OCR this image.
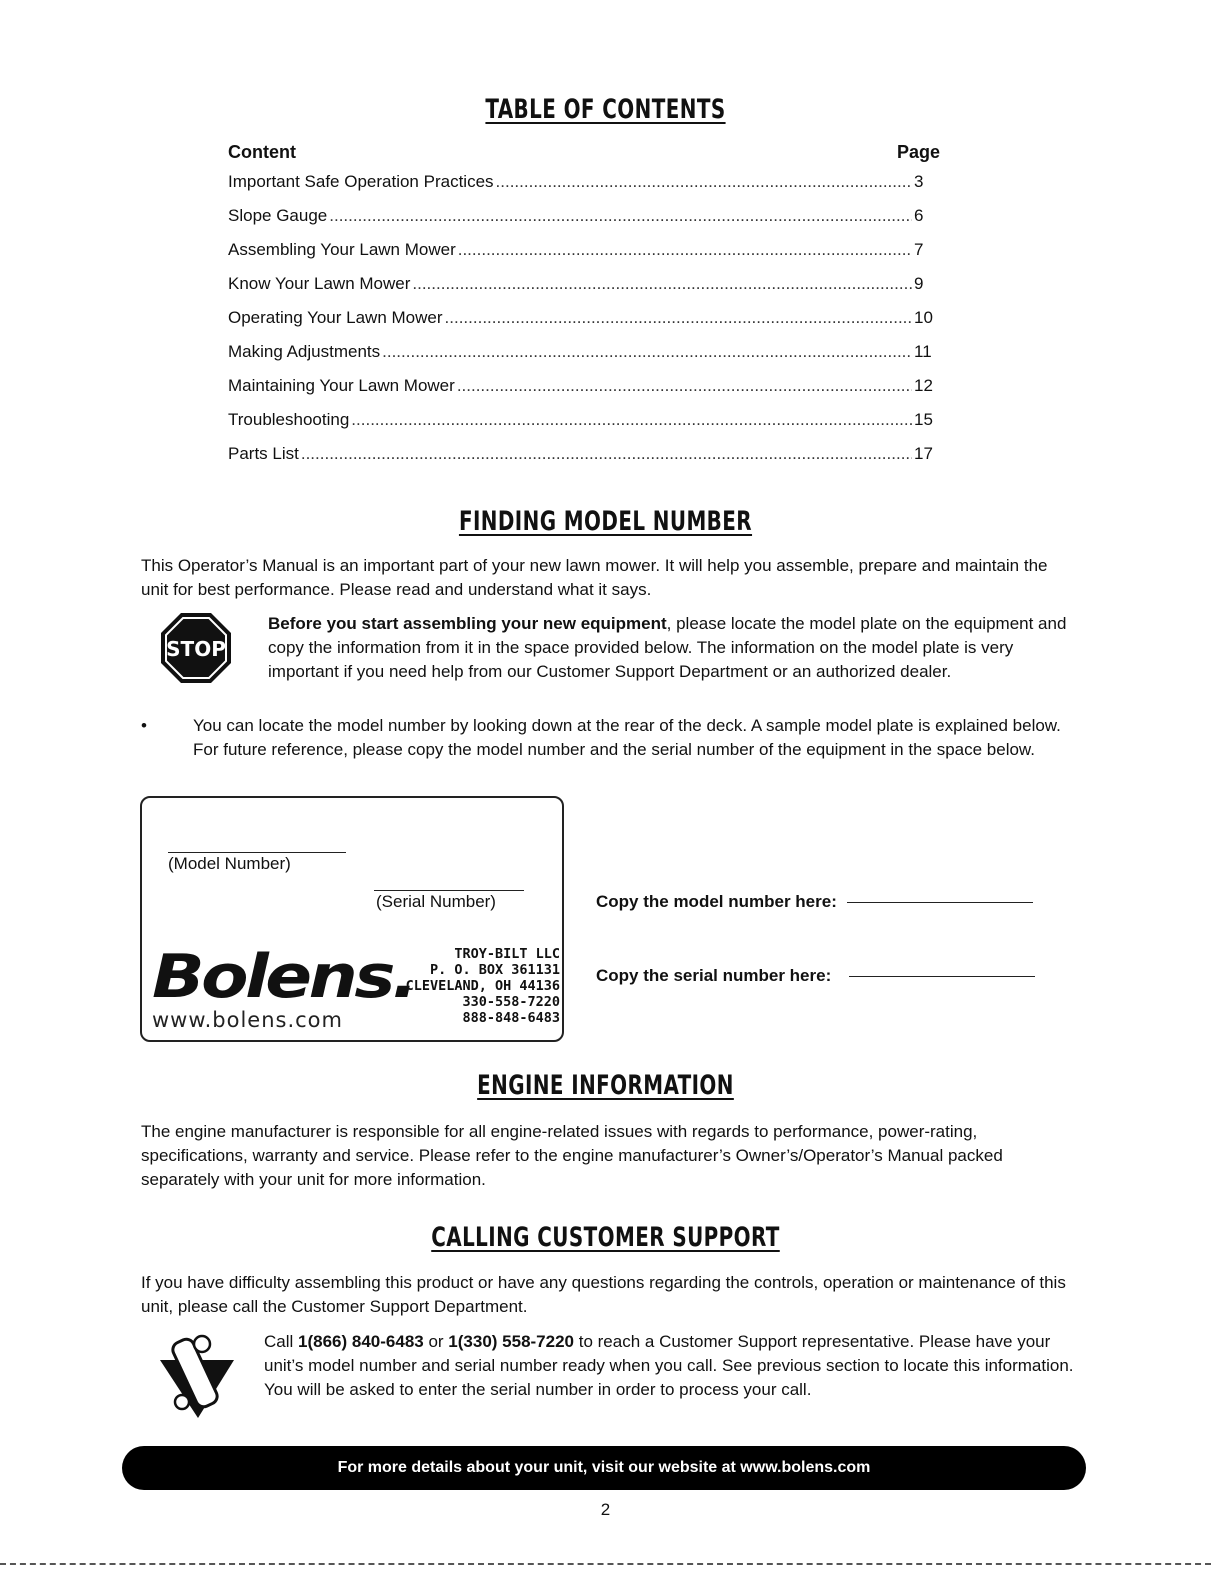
TABLE OF CONTENTS
Content	Page
Important Safe Operation Practices .....	3
Slope Gauge .....	6
Assembling Your Lawn Mower .....	7
Know Your Lawn Mower .....	9
Operating Your Lawn Mower .....	10
Making Adjustments .....	11
Maintaining Your Lawn Mower .....	12
Troubleshooting .....	15
Parts List .....	17
FINDING MODEL NUMBER
This Operator’s Manual is an important part of your new lawn mower. It will help you assemble, prepare and maintain the unit for best performance. Please read and understand what it says.
STOP
Before you start assembling your new equipment, please locate the model plate on the equipment and copy the information from it in the space provided below. The information on the model plate is very important if you need help from our Customer Support Department or an authorized dealer.
•	You can locate the model number by looking down at the rear of the deck. A sample model plate is explained below. For future reference, please copy the model number and the serial number of the equipment in the space below.
(Model Number)
(Serial Number)
Bolens.
www.bolens.com
TROY-BILT LLC
P. O. BOX 361131
CLEVELAND, OH 44136
330-558-7220
888-848-6483
Copy the model number here:
Copy the serial number here:
ENGINE INFORMATION
The engine manufacturer is responsible for all engine-related issues with regards to performance, power-rating, specifications, warranty and service. Please refer to the engine manufacturer’s Owner’s/Operator’s Manual packed separately with your unit for more information.
CALLING CUSTOMER SUPPORT
If you have difficulty assembling this product or have any questions regarding the controls, operation or maintenance of this unit, please call the Customer Support Department.
Call 1(866) 840-6483 or 1(330) 558-7220 to reach a Customer Support representative. Please have your unit’s model number and serial number ready when you call. See previous section to locate this information. You will be asked to enter the serial number in order to process your call.
For more details about your unit, visit our website at www.bolens.com
2
